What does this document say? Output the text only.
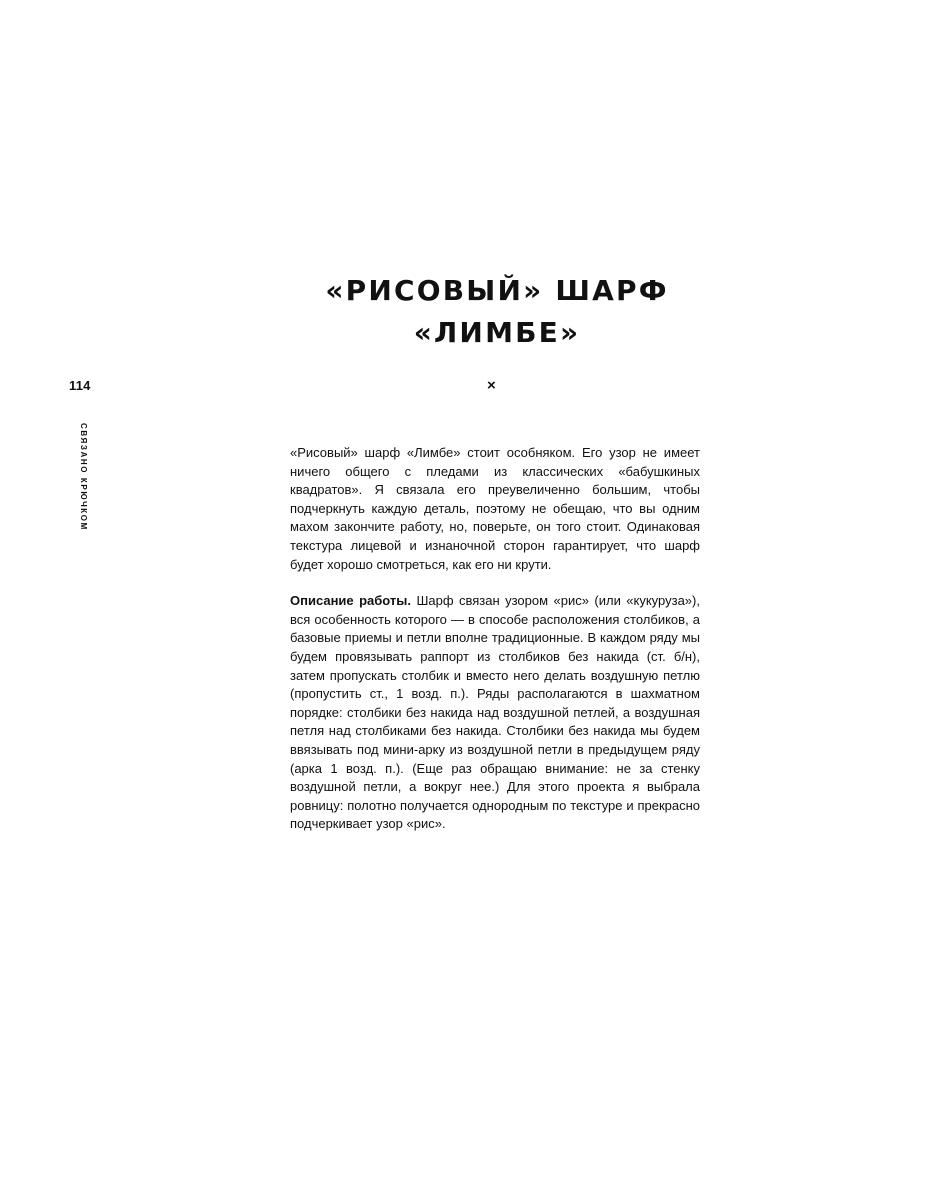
114
СВЯЗАНО КРЮЧКОМ
«РИСОВЫЙ» ШАРФ
«ЛИМБЕ»
×

«Рисовый» шарф «Лимбе» стоит особняком. Его узор не имеет ничего общего с пледами из классических «бабушкиных квадратов». Я связала его преувеличенно большим, чтобы подчеркнуть каждую деталь, поэтому не обещаю, что вы одним махом закончите работу, но, поверьте, он того стоит. Одинаковая текстура лицевой и изнаночной сторон гарантирует, что шарф будет хорошо смотреться, как его ни крути.

Описание работы. Шарф связан узором «рис» (или «кукуруза»), вся особенность которого — в способе расположения столбиков, а базовые приемы и петли вполне традиционные. В каждом ряду мы будем провязывать раппорт из столбиков без накида (ст. б/н), затем пропускать столбик и вместо него делать воздушную петлю (пропустить ст., 1 возд. п.). Ряды располагаются в шахматном порядке: столбики без накида над воздушной петлей, а воздушная петля над столбиками без накида. Столбики без накида мы будем ввязывать под мини-арку из воздушной петли в предыдущем ряду (арка 1 возд. п.). (Еще раз обращаю внимание: не за стенку воздушной петли, а вокруг нее.) Для этого проекта я выбрала ровницу: полотно получается однородным по текстуре и прекрасно подчеркивает узор «рис».
